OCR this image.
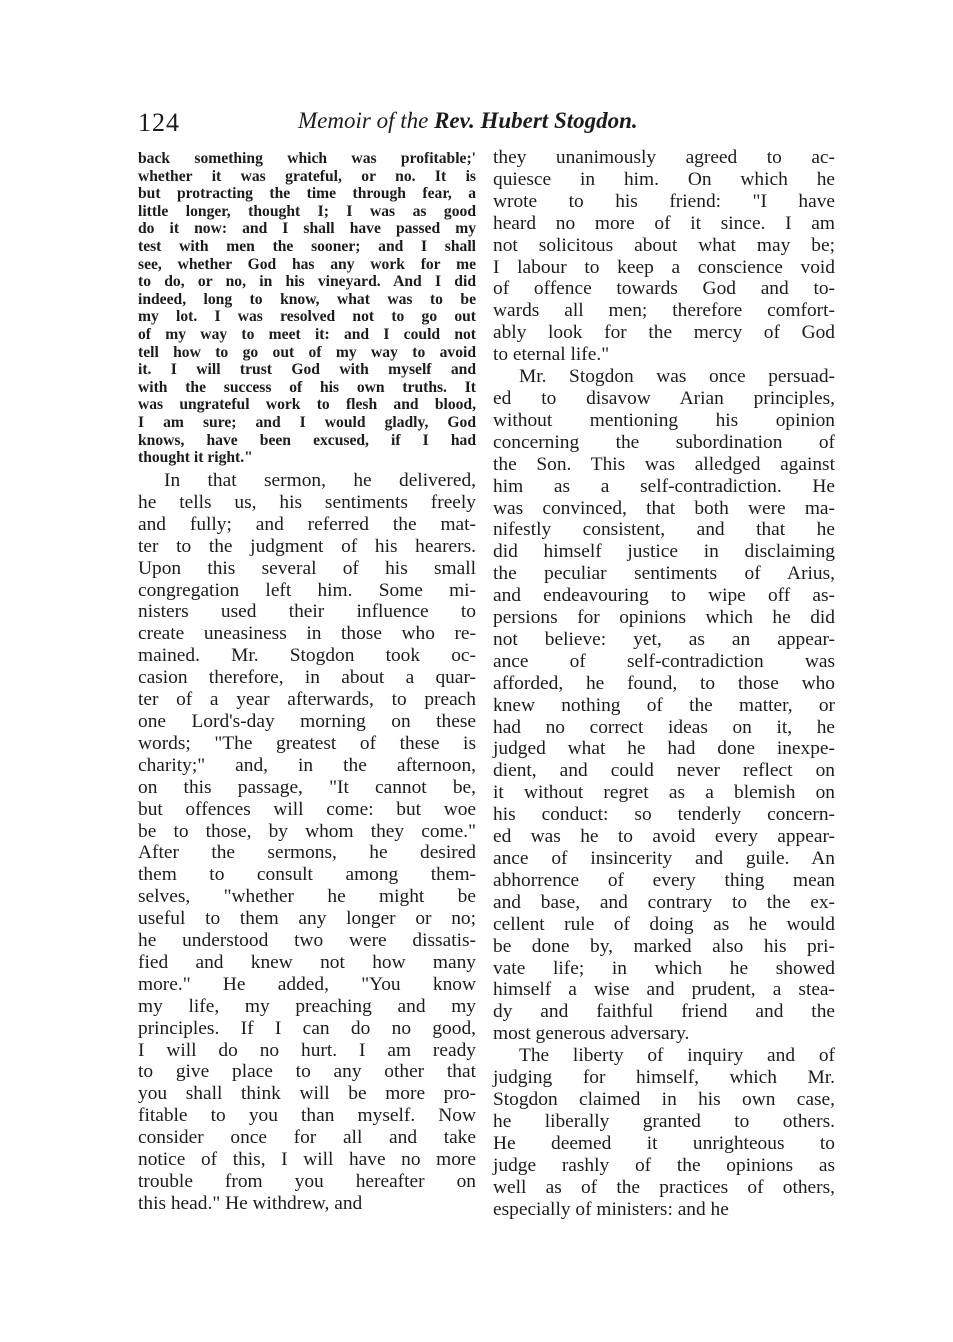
124	Memoir of the Rev. Hubert Stogdon.
back something which was profitable;'
whether it was grateful, or no. It is
but protracting the time through fear, a
little longer, thought I; I was as good
do it now: and I shall have passed my
test with men the sooner; and I shall
see, whether God has any work for me
to do, or no, in his vineyard. And I did
indeed, long to know, what was to be
my lot. I was resolved not to go out
of my way to meet it: and I could not
tell how to go out of my way to avoid
it. I will trust God with myself and
with the success of his own truths. It
was ungrateful work to flesh and blood,
I am sure; and I would gladly, God
knows, have been excused, if I had
thought it right."
In that sermon, he delivered,
he tells us, his sentiments freely
and fully; and referred the mat-
ter to the judgment of his hearers.
Upon this several of his small
congregation left him. Some mi-
nisters used their influence to
create uneasiness in those who re-
mained. Mr. Stogdon took oc-
casion therefore, in about a quar-
ter of a year afterwards, to preach
one Lord's-day morning on these
words; "The greatest of these is
charity;" and, in the afternoon,
on this passage, "It cannot be,
but offences will come: but woe
be to those, by whom they come."
After the sermons, he desired
them to consult among them-
selves, "whether he might be
useful to them any longer or no;
he understood two were dissatis-
fied and knew not how many
more." He added, "You know
my life, my preaching and my
principles. If I can do no good,
I will do no hurt. I am ready
to give place to any other that
you shall think will be more pro-
fitable to you than myself. Now
consider once for all and take
notice of this, I will have no more
trouble from you hereafter on
this head." He withdrew, and
they unanimously agreed to ac-
quiesce in him. On which he
wrote to his friend: "I have
heard no more of it since. I am
not solicitous about what may be;
I labour to keep a conscience void
of offence towards God and to-
wards all men; therefore comfort-
ably look for the mercy of God
to eternal life."
Mr. Stogdon was once persuad-
ed to disavow Arian principles,
without mentioning his opinion
concerning the subordination of
the Son. This was alledged against
him as a self-contradiction. He
was convinced, that both were ma-
nifestly consistent, and that he
did himself justice in disclaiming
the peculiar sentiments of Arius,
and endeavouring to wipe off as-
persions for opinions which he did
not believe: yet, as an appear-
ance of self-contradiction was
afforded, he found, to those who
knew nothing of the matter, or
had no correct ideas on it, he
judged what he had done inexpe-
dient, and could never reflect on
it without regret as a blemish on
his conduct: so tenderly concern-
ed was he to avoid every appear-
ance of insincerity and guile. An
abhorrence of every thing mean
and base, and contrary to the ex-
cellent rule of doing as he would
be done by, marked also his pri-
vate life; in which he showed
himself a wise and prudent, a stea-
dy and faithful friend and the
most generous adversary.
The liberty of inquiry and of
judging for himself, which Mr.
Stogdon claimed in his own case,
he liberally granted to others.
He deemed it unrighteous to
judge rashly of the opinions as
well as of the practices of others,
especially of ministers: and he
